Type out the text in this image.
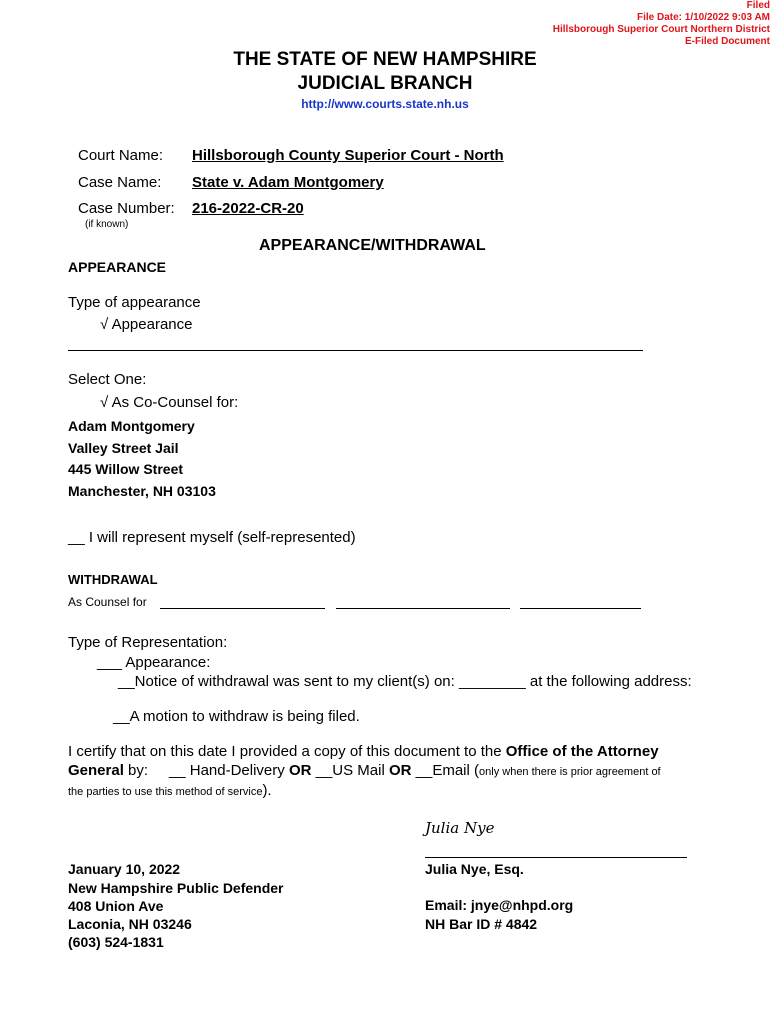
Filed
File Date: 1/10/2022 9:03 AM
Hillsborough Superior Court Northern District
E-Filed Document
THE STATE OF NEW HAMPSHIRE
JUDICIAL BRANCH
http://www.courts.state.nh.us
Court Name: Hillsborough County Superior Court - North
Case Name: State v. Adam Montgomery
Case Number: 216-2022-CR-20
(if known)
APPEARANCE/WITHDRAWAL
APPEARANCE
Type of appearance
√ Appearance
Select One:
√ As Co-Counsel for:
Adam Montgomery
Valley Street Jail
445 Willow Street
Manchester, NH 03103
__ I will represent myself (self-represented)
WITHDRAWAL
As Counsel for
Type of Representation:
___ Appearance:
__Notice of withdrawal was sent to my client(s) on: ________ at the following address:
__A motion to withdraw is being filed.
I certify that on this date I provided a copy of this document to the Office of the Attorney
General by:     __ Hand-Delivery OR __US Mail OR __Email (only when there is prior agreement of
the parties to use this method of service).
Julia Nye
January 10, 2022
New Hampshire Public Defender
408 Union Ave
Laconia, NH 03246
(603) 524-1831
Julia Nye, Esq.
Email: jnye@nhpd.org
NH Bar ID # 4842
